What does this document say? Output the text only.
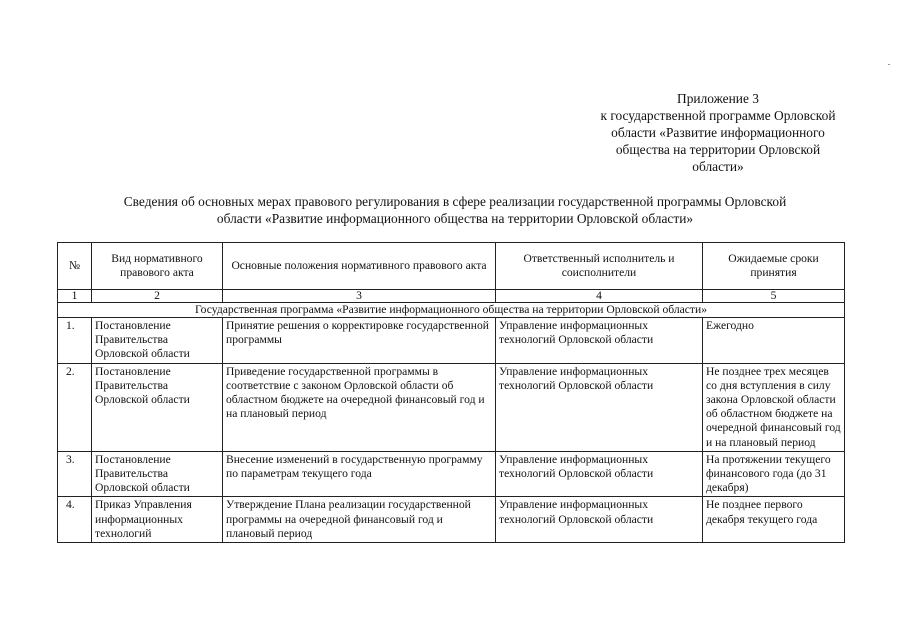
Приложение 3
к государственной программе Орловской
области «Развитие информационного
общества на территории Орловской
области»
Сведения об основных мерах правового регулирования в сфере реализации государственной программы Орловской
области «Развитие информационного общества на территории Орловской области»
№	Вид нормативного правового акта	Основные положения нормативного правового акта	Ответственный исполнитель и соисполнители	Ожидаемые сроки принятия
1	2	3	4	5
Государственная программа «Развитие информационного общества на территории Орловской области»				
1.	Постановление Правительства Орловской области	Принятие решения о корректировке государственной программы	Управление информационных технологий Орловской области	Ежегодно
2.	Постановление Правительства Орловской области	Приведение государственной программы в соответствие с законом Орловской области об областном бюджете на очередной финансовый год и на плановый период	Управление информационных технологий Орловской области	Не позднее трех месяцев со дня вступления в силу закона Орловской области об областном бюджете на очередной финансовый год и на плановый период
3.	Постановление Правительства Орловской области	Внесение изменений в государственную программу по параметрам текущего года	Управление информационных технологий Орловской области	На протяжении текущего финансового года (до 31 декабря)
4.	Приказ Управления информационных технологий	Утверждение Плана реализации государственной программы на очередной финансовый год и плановый период	Управление информационных технологий Орловской области	Не позднее первого декабря текущего года
